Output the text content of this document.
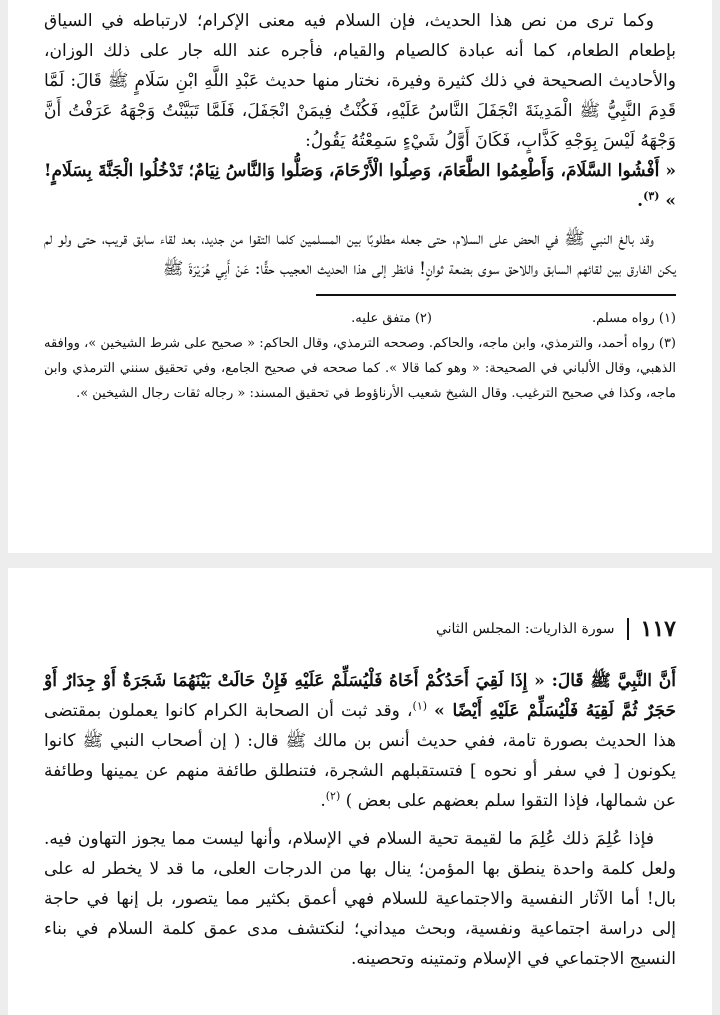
وكما ترى من نص هذا الحديث، فإن السلام فيه معنى الإكرام؛ لارتباطه في السياق بإطعام الطعام، كما أنه عبادة كالصيام والقيام، فأجره عند الله جار على ذلك الوزان، والأحاديث الصحيحة في ذلك كثيرة وفيرة، نختار منها حديث عَبْدِ اللَّهِ ابْنِ سَلَامٍ ﷺ قَالَ: لَمَّا قَدِمَ النَّبِيُّ ﷺ الْمَدِينَةَ انْجَفَلَ النَّاسُ عَلَيْهِ، فَكُنْتُ فِيمَنْ انْجَفَلَ، فَلَمَّا تَبَيَّنْتُ وَجْهَهُ عَرَفْتُ أَنَّ وَجْهَهُ لَيْسَ بِوَجْهِ كَذَّابٍ، فَكَانَ أَوَّلُ شَيْءٍ سَمِعْتُهُ يَقُولُ:

« أَفْشُوا السَّلَامَ، وَأَطْعِمُوا الطَّعَامَ، وَصِلُوا الْأَرْحَامَ، وَصَلُّوا وَالنَّاسُ نِيَامٌ؛ تَدْخُلُوا الْجَنَّةَ بِسَلَامٍ! » $^{(٣)}$.

وقد بالغ النبي ﷺ في الحض على السلام، حتى جعله مطلوبًا بين المسلمين كلما التقوا من جديد، بعد لقاء سابق قريب، حتى ولو لم يكن الفارق بين لقائهم السابق واللاحق سوى بضعة ثوانٍ! فانظر إلى هذا الحديث العجيب حقًّا: عَنْ أَبِي هُرَيْرَةَ ﷺ

(١) رواه مسلم.
(٢) متفق عليه.

(٣) رواه أحمد، والترمذي، وابن ماجه، والحاكم. وصححه الترمذي، وقال الحاكم: « صحيح على شرط الشيخين »، ووافقه الذهبي، وقال الألباني في الصحيحة: « وهو كما قالا ». كما صححه في صحيح الجامع، وفي تحقيق سنني الترمذي وابن ماجه، وكذا في صحيح الترغيب. وقال الشيخ شعيب الأرناؤوط في تحقيق المسند: « رجاله ثقات رجال الشيخين ».

١١٧
سورة الذاريات: المجلس الثاني

أَنَّ النَّبِيَّ ﷺ قَالَ: « إِذَا لَقِيَ أَحَدُكُمْ أَخَاهُ فَلْيُسَلِّمْ عَلَيْهِ فَإِنْ حَالَتْ بَيْنَهُمَا شَجَرَةٌ أَوْ جِدَارٌ أَوْ حَجَرٌ ثُمَّ لَقِيَهُ فَلْيُسَلِّمْ عَلَيْهِ أَيْضًا » $^{(١)}$، وقد ثبت أن الصحابة الكرام كانوا يعملون بمقتضى هذا الحديث بصورة تامة، ففي حديث أنس بن مالك ﷺ قال: ( إن أصحاب النبي ﷺ كانوا يكونون [ في سفر أو نحوه ] فتستقبلهم الشجرة، فتنطلق طائفة منهم عن يمينها وطائفة عن شمالها، فإذا التقوا سلم بعضهم على بعض ) $^{(٢)}$.

فإذا عُلِمَ ذلك عُلِمَ ما لقيمة تحية السلام في الإسلام، وأنها ليست مما يجوز التهاون فيه. ولعل كلمة واحدة ينطق بها المؤمن؛ ينال بها من الدرجات العلى، ما قد لا يخطر له على بال! أما الآثار النفسية والاجتماعية للسلام فهي أعمق بكثير مما يتصور، بل إنها في حاجة إلى دراسة اجتماعية ونفسية، وبحث ميداني؛ لنكتشف مدى عمق كلمة السلام في بناء النسيج الاجتماعي في الإسلام وتمتينه وتحصينه.
